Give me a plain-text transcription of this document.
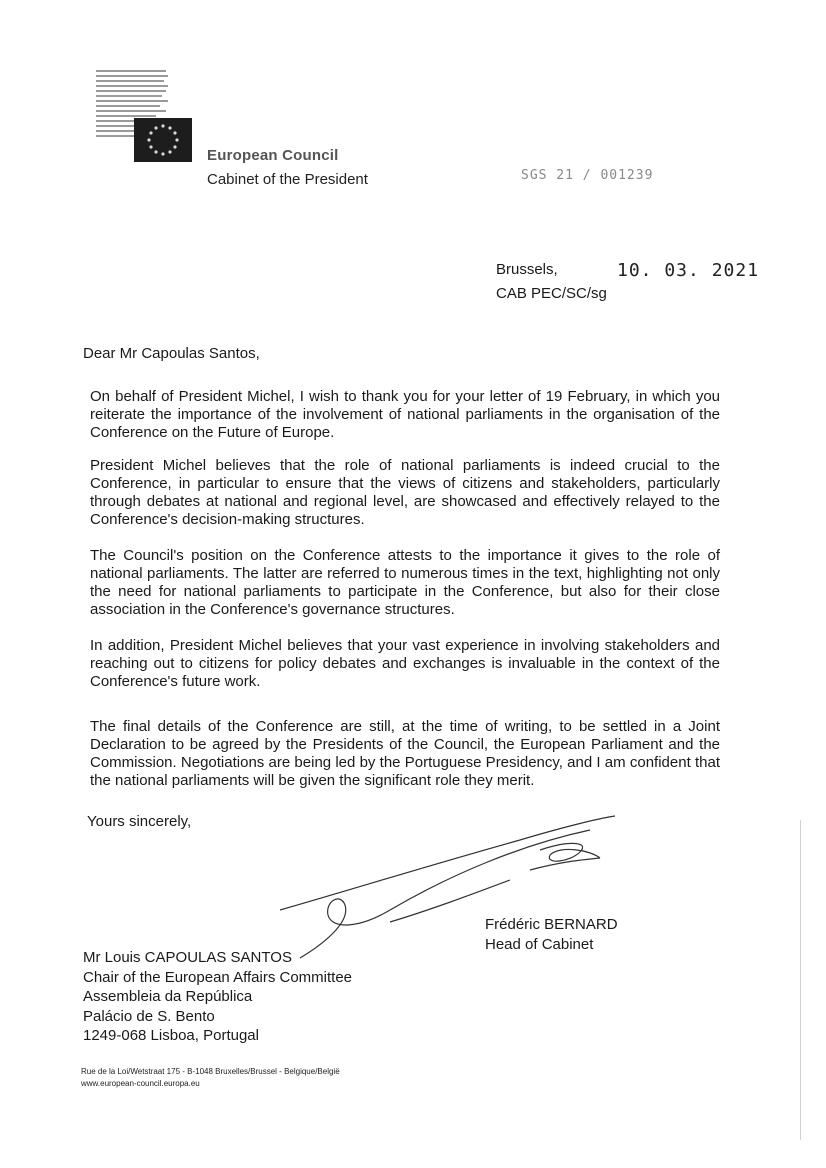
European Council
Cabinet of the President	SGS 21 / 001239
Brussels,	10. 03. 2021
CAB PEC/SC/sg
Dear Mr Capoulas Santos,

On behalf of President Michel, I wish to thank you for your letter of 19 February, in which you reiterate the importance of the involvement of national parliaments in the organisation of the Conference on the Future of Europe.

President Michel believes that the role of national parliaments is indeed crucial to the Conference, in particular to ensure that the views of citizens and stakeholders, particularly through debates at national and regional level, are showcased and effectively relayed to the Conference's decision-making structures.

The Council's position on the Conference attests to the importance it gives to the role of national parliaments. The latter are referred to numerous times in the text, highlighting not only the need for national parliaments to participate in the Conference, but also for their close association in the Conference's governance structures.

In addition, President Michel believes that your vast experience in involving stakeholders and reaching out to citizens for policy debates and exchanges is invaluable in the context of the Conference's future work.

The final details of the Conference are still, at the time of writing, to be settled in a Joint Declaration to be agreed by the Presidents of the Council, the European Parliament and the Commission. Negotiations are being led by the Portuguese Presidency, and I am confident that the national parliaments will be given the significant role they merit.

Yours sincerely,
Frédéric BERNARD
Head of Cabinet
Mr Louis CAPOULAS SANTOS
Chair of the European Affairs Committee
Assembleia da República
Palácio de S. Bento
1249-068 Lisboa, Portugal
Rue de la Loi/Wetstraat 175 - B-1048 Bruxelles/Brussel - Belgique/België
www.european-council.europa.eu
